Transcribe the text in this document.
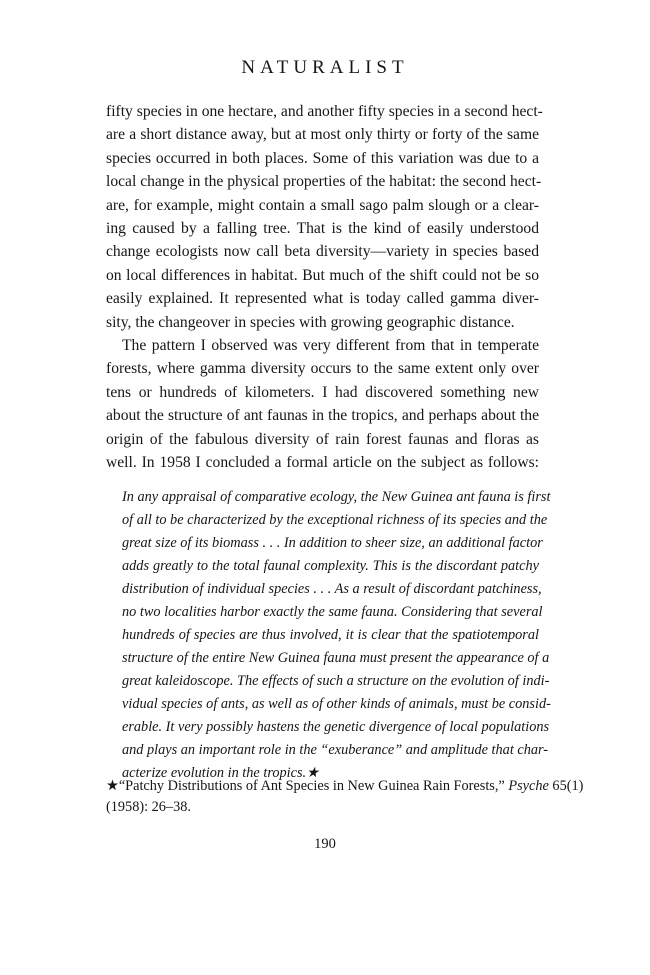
NATURALIST
fifty species in one hectare, and another fifty species in a second hect-
are a short distance away, but at most only thirty or forty of the same
species occurred in both places. Some of this variation was due to a
local change in the physical properties of the habitat: the second hect-
are, for example, might contain a small sago palm slough or a clear-
ing caused by a falling tree. That is the kind of easily understood
change ecologists now call beta diversity—variety in species based
on local differences in habitat. But much of the shift could not be so
easily explained. It represented what is today called gamma diver-
sity, the changeover in species with growing geographic distance.
The pattern I observed was very different from that in temperate
forests, where gamma diversity occurs to the same extent only over
tens or hundreds of kilometers. I had discovered something new
about the structure of ant faunas in the tropics, and perhaps about the
origin of the fabulous diversity of rain forest faunas and floras as
well. In 1958 I concluded a formal article on the subject as follows:
In any appraisal of comparative ecology, the New Guinea ant fauna is first
of all to be characterized by the exceptional richness of its species and the
great size of its biomass . . . In addition to sheer size, an additional factor
adds greatly to the total faunal complexity. This is the discordant patchy
distribution of individual species . . . As a result of discordant patchiness,
no two localities harbor exactly the same fauna. Considering that several
hundreds of species are thus involved, it is clear that the spatiotemporal
structure of the entire New Guinea fauna must present the appearance of a
great kaleidoscope. The effects of such a structure on the evolution of indi-
vidual species of ants, as well as of other kinds of animals, must be consid-
erable. It very possibly hastens the genetic divergence of local populations
and plays an important role in the “exuberance” and amplitude that char-
acterize evolution in the tropics.★
★“Patchy Distributions of Ant Species in New Guinea Rain Forests,” Psyche 65(1)
(1958): 26–38.
190
